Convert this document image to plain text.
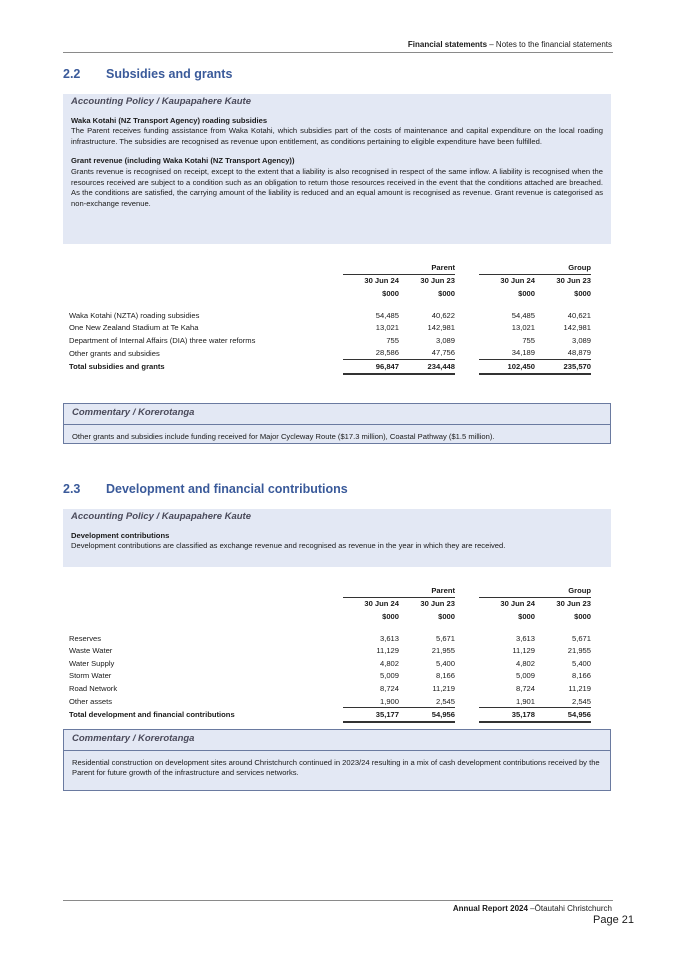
Financial statements – Notes to the financial statements
2.2 Subsidies and grants
Accounting Policy / Kaupapahere Kaute

Waka Kotahi (NZ Transport Agency) roading subsidies
The Parent receives funding assistance from Waka Kotahi, which subsidies part of the costs of maintenance and capital expenditure on the local roading infrastructure. The subsidies are recognised as revenue upon entitlement, as conditions pertaining to eligible expenditure have been fulfilled.

Grant revenue (including Waka Kotahi (NZ Transport Agency))
Grants revenue is recognised on receipt, except to the extent that a liability is also recognised in respect of the same inflow. A liability is recognised when the resources received are subject to a condition such as an obligation to return those resources received in the event that the conditions attached are breached. As the conditions are satisfied, the carrying amount of the liability is reduced and an equal amount is recognised as revenue. Grant revenue is categorised as non-exchange revenue.

	Parent			Group	
	30 Jun 24	30 Jun 23		30 Jun 24	30 Jun 23
	$000	$000		$000	$000

Waka Kotahi (NZTA) roading subsidies	54,485	40,622		54,485	40,621
One New Zealand Stadium at Te Kaha	13,021	142,981		13,021	142,981
Department of Internal Affairs (DIA) three water reforms	755	3,089		755	3,089
Other grants and subsidies	28,586	47,756		34,189	48,879
Total subsidies and grants	96,847	234,448		102,450	235,570
Commentary / Korerotanga
Other grants and subsidies include funding received for Major Cycleway Route ($17.3 million), Coastal Pathway ($1.5 million).
2.3 Development and financial contributions
Accounting Policy / Kaupapahere Kaute

Development contributions
Development contributions are classified as exchange revenue and recognised as revenue in the year in which they are received.

	Parent			Group	
	30 Jun 24	30 Jun 23		30 Jun 24	30 Jun 23
	$000	$000		$000	$000

Reserves	3,613	5,671		3,613	5,671
Waste Water	11,129	21,955		11,129	21,955
Water Supply	4,802	5,400		4,802	5,400
Storm Water	5,009	8,166		5,009	8,166
Road Network	8,724	11,219		8,724	11,219
Other assets	1,900	2,545		1,901	2,545
Total development and financial contributions	35,177	54,956		35,178	54,956
Commentary / Korerotanga
Residential construction on development sites around Christchurch continued in 2023/24 resulting in a mix of cash development contributions received by the Parent for future growth of the infrastructure and services networks.
Annual Report 2024 –Ōtautahi Christchurch
Page 21
